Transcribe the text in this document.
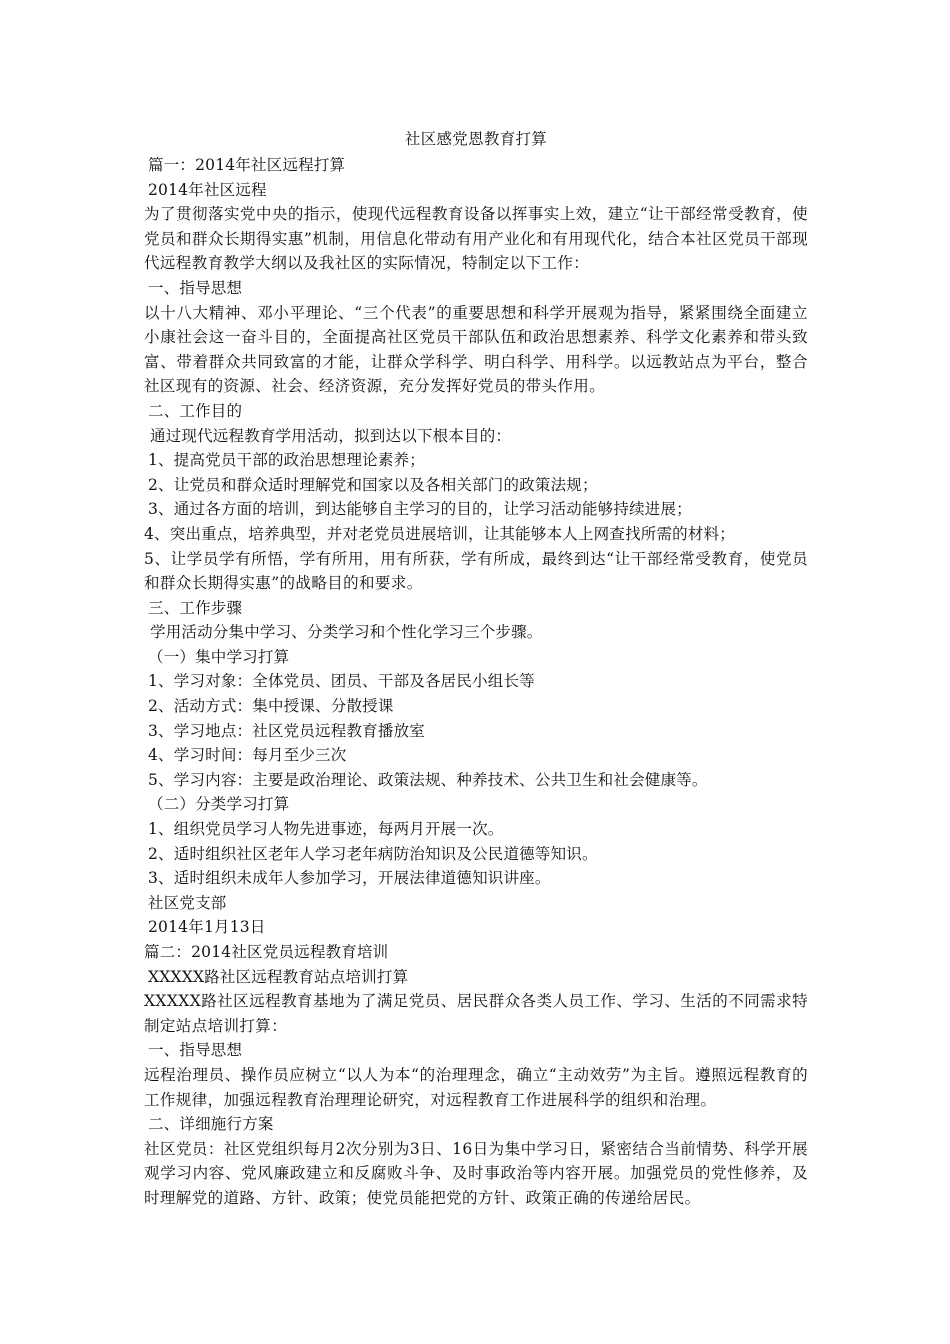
社区感党恩教育打算
篇一：2014年社区远程打算
2014年社区远程
为了贯彻落实党中央的指示，使现代远程教育设备以挥事实上效，建立“让干部经常受教育，使党员和群众长期得实惠”机制，用信息化带动有用产业化和有用现代化，结合本社区党员干部现代远程教育教学大纲以及我社区的实际情况，特制定以下工作：
一、指导思想
以十八大精神、邓小平理论、“三个代表”的重要思想和科学开展观为指导，紧紧围绕全面建立小康社会这一奋斗目的，全面提高社区党员干部队伍和政治思想素养、科学文化素养和带头致富、带着群众共同致富的才能，让群众学科学、明白科学、用科学。以远教站点为平台，整合社区现有的资源、社会、经济资源，充分发挥好党员的带头作用。
二、工作目的
通过现代远程教育学用活动，拟到达以下根本目的：
1、提高党员干部的政治思想理论素养；
2、让党员和群众适时理解党和国家以及各相关部门的政策法规；
3、通过各方面的培训，到达能够自主学习的目的，让学习活动能够持续进展；
4、突出重点，培养典型，并对老党员进展培训，让其能够本人上网查找所需的材料；
5、让学员学有所悟，学有所用，用有所获，学有所成，最终到达“让干部经常受教育，使党员和群众长期得实惠”的战略目的和要求。
三、工作步骤
学用活动分集中学习、分类学习和个性化学习三个步骤。
（一）集中学习打算
1、学习对象：全体党员、团员、干部及各居民小组长等
2、活动方式：集中授课、分散授课
3、学习地点：社区党员远程教育播放室
4、学习时间：每月至少三次
5、学习内容：主要是政治理论、政策法规、种养技术、公共卫生和社会健康等。
（二）分类学习打算
1、组织党员学习人物先进事迹，每两月开展一次。
2、适时组织社区老年人学习老年病防治知识及公民道德等知识。
3、适时组织未成年人参加学习，开展法律道德知识讲座。
社区党支部
2014年1月13日
篇二：2014社区党员远程教育培训
XXXXX路社区远程教育站点培训打算
XXXXX路社区远程教育基地为了满足党员、居民群众各类人员工作、学习、生活的不同需求特制定站点培训打算：
一、指导思想
远程治理员、操作员应树立“以人为本“的治理理念，确立“主动效劳”为主旨。遵照远程教育的工作规律，加强远程教育治理理论研究，对远程教育工作进展科学的组织和治理。
二、详细施行方案
社区党员：社区党组织每月2次分别为3日、16日为集中学习日，紧密结合当前情势、科学开展观学习内容、党风廉政建立和反腐败斗争、及时事政治等内容开展。加强党员的党性修养，及时理解党的道路、方针、政策；使党员能把党的方针、政策正确的传递给居民。
